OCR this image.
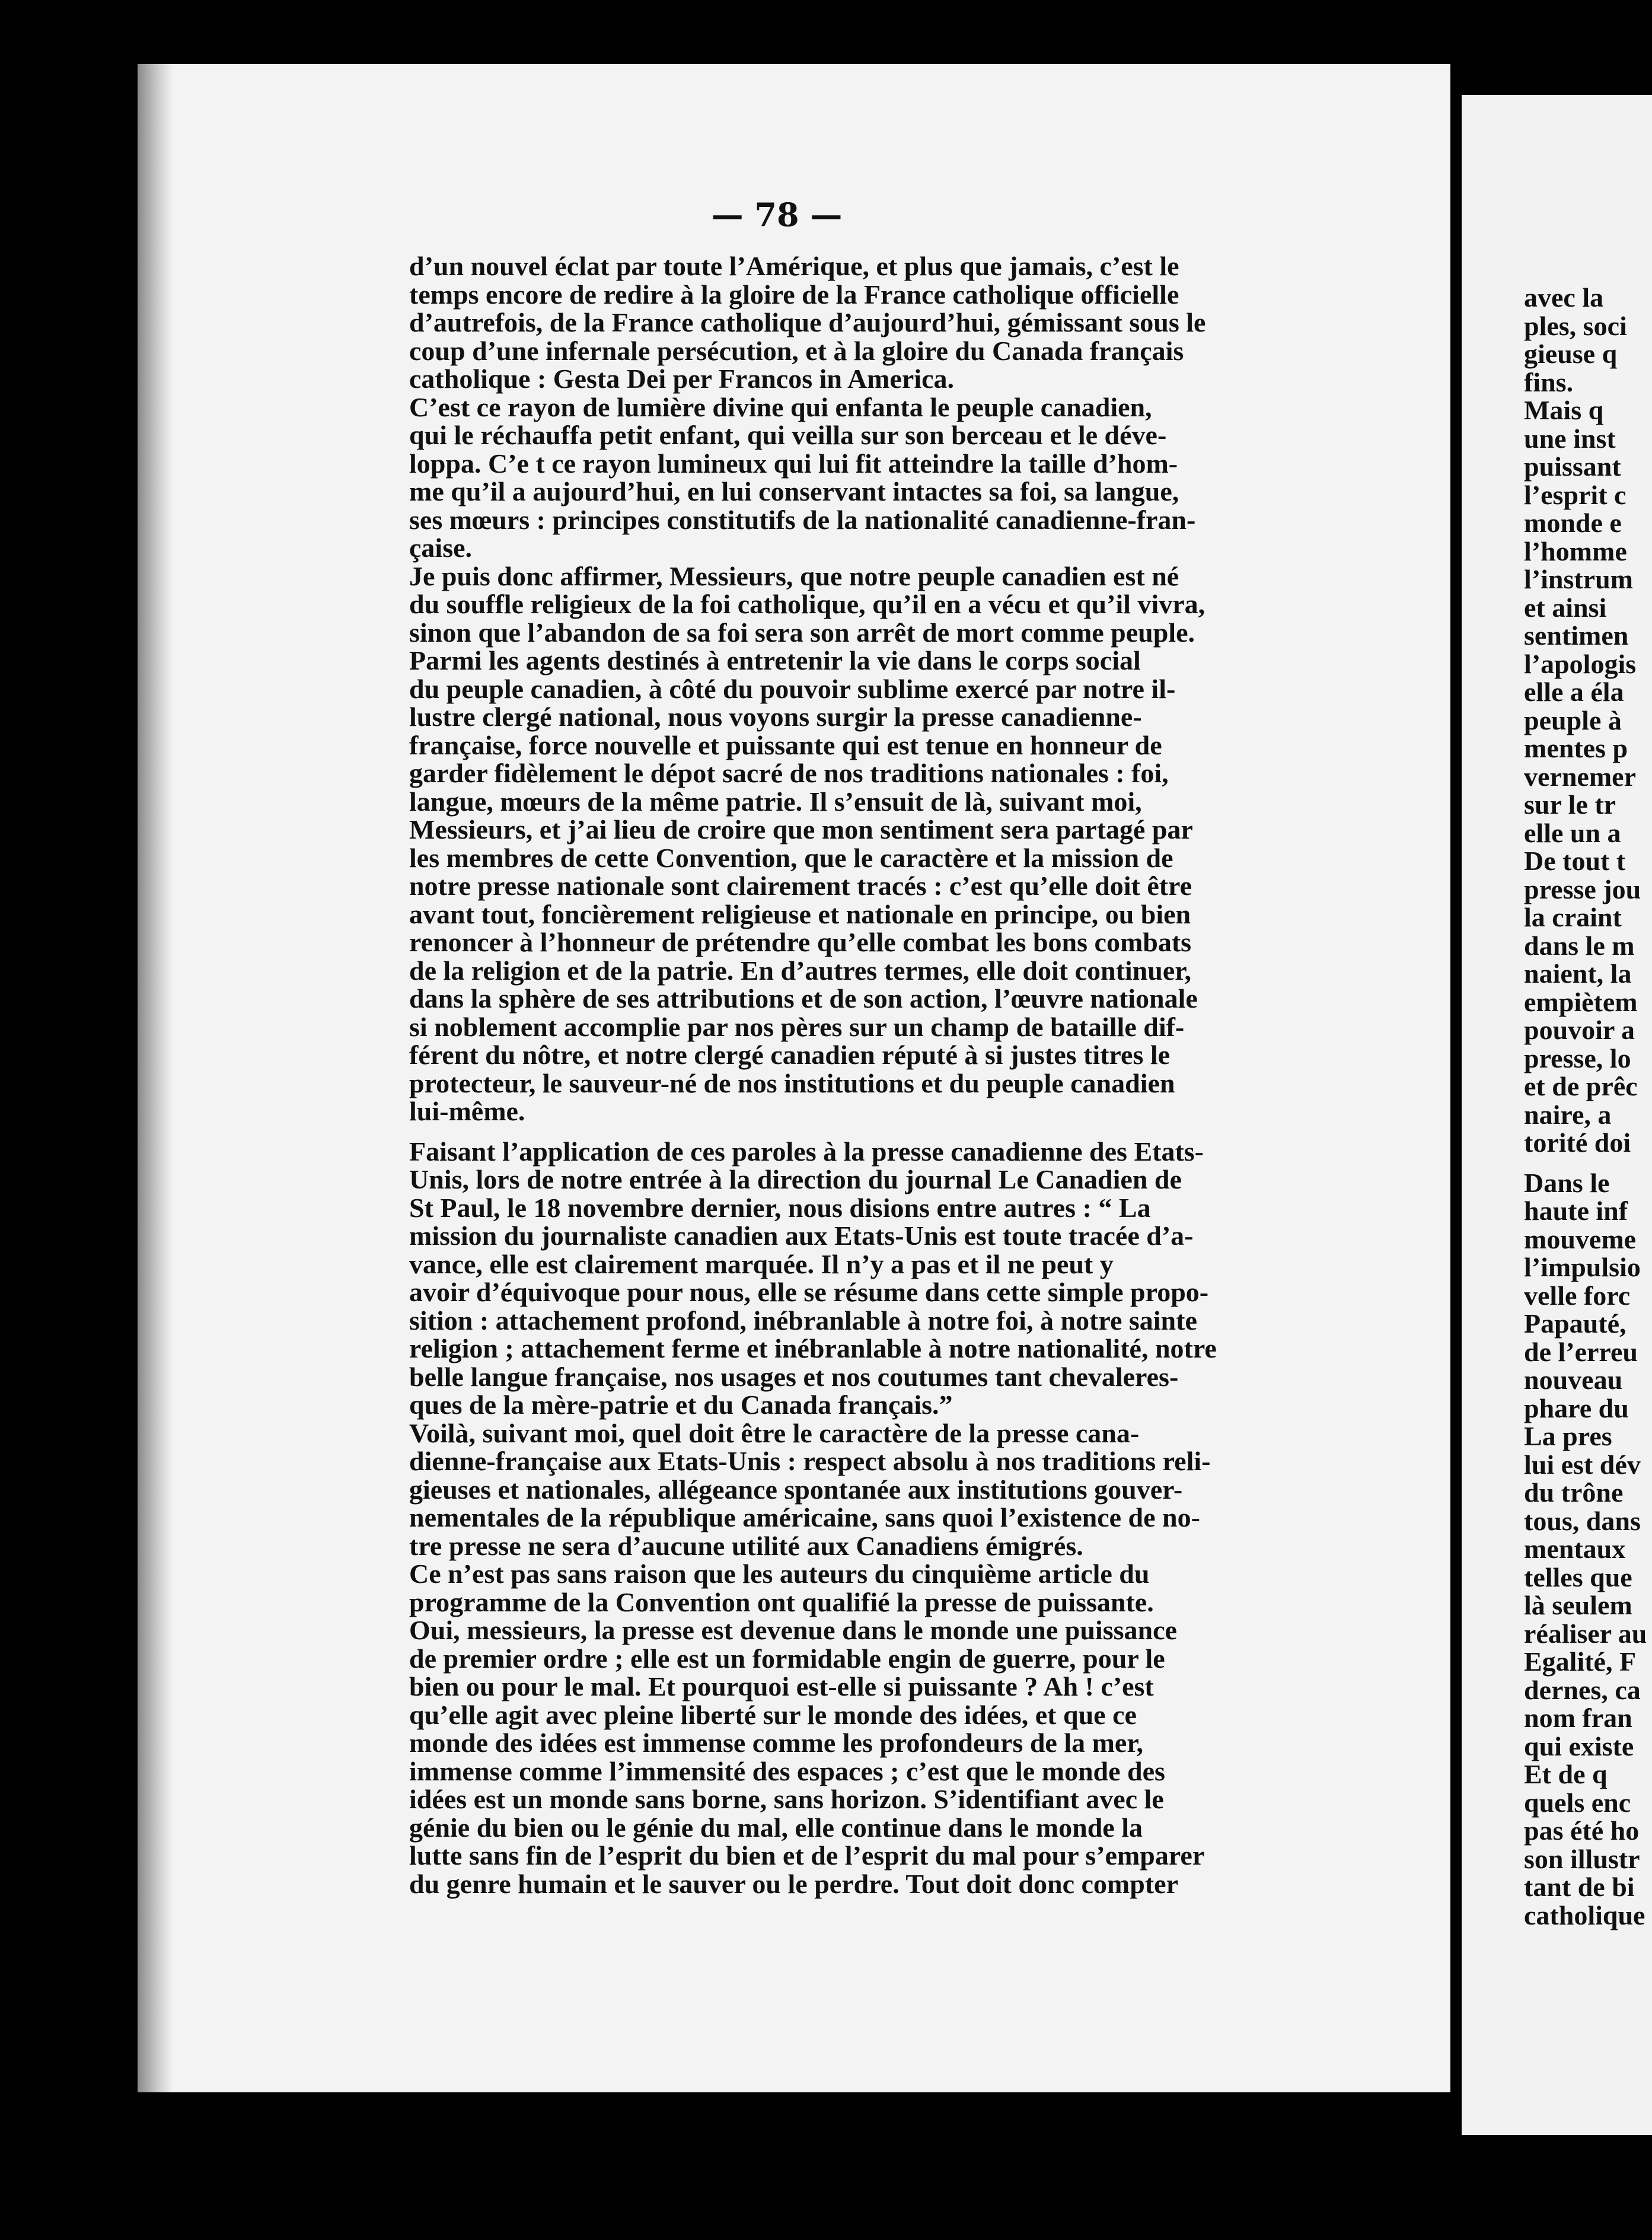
— 78 —
d’un nouvel éclat par toute l’Amérique, et plus que jamais, c’est le
temps encore de redire à la gloire de la France catholique officielle
d’autrefois, de la France catholique d’aujourd’hui, gémissant sous le
coup d’une infernale persécution, et à la gloire du Canada français
catholique : Gesta Dei per Francos in America.
C’est ce rayon de lumière divine qui enfanta le peuple canadien,
qui le réchauffa petit enfant, qui veilla sur son berceau et le déve-
loppa. C’e t ce rayon lumineux qui lui fit atteindre la taille d’hom-
me qu’il a aujourd’hui, en lui conservant intactes sa foi, sa langue,
ses mœurs : principes constitutifs de la nationalité canadienne-fran-
çaise.
Je puis donc affirmer, Messieurs, que notre peuple canadien est né
du souffle religieux de la foi catholique, qu’il en a vécu et qu’il vivra,
sinon que l’abandon de sa foi sera son arrêt de mort comme peuple.
Parmi les agents destinés à entretenir la vie dans le corps social
du peuple canadien, à côté du pouvoir sublime exercé par notre il-
lustre clergé national, nous voyons surgir la presse canadienne-
française, force nouvelle et puissante qui est tenue en honneur de
garder fidèlement le dépot sacré de nos traditions nationales : foi,
langue, mœurs de la même patrie. Il s’ensuit de là, suivant moi,
Messieurs, et j’ai lieu de croire que mon sentiment sera partagé par
les membres de cette Convention, que le caractère et la mission de
notre presse nationale sont clairement tracés : c’est qu’elle doit être
avant tout, foncièrement religieuse et nationale en principe, ou bien
renoncer à l’honneur de prétendre qu’elle combat les bons combats
de la religion et de la patrie. En d’autres termes, elle doit continuer,
dans la sphère de ses attributions et de son action, l’œuvre nationale
si noblement accomplie par nos pères sur un champ de bataille dif-
férent du nôtre, et notre clergé canadien réputé à si justes titres le
protecteur, le sauveur-né de nos institutions et du peuple canadien
lui-même.
Faisant l’application de ces paroles à la presse canadienne des Etats-
Unis, lors de notre entrée à la direction du journal Le Canadien de
St Paul, le 18 novembre dernier, nous disions entre autres : “ La
mission du journaliste canadien aux Etats-Unis est toute tracée d’a-
vance, elle est clairement marquée. Il n’y a pas et il ne peut y
avoir d’équivoque pour nous, elle se résume dans cette simple propo-
sition : attachement profond, inébranlable à notre foi, à notre sainte
religion ; attachement ferme et inébranlable à notre nationalité, notre
belle langue française, nos usages et nos coutumes tant chevaleres-
ques de la mère-patrie et du Canada français.”
Voilà, suivant moi, quel doit être le caractère de la presse cana-
dienne-française aux Etats-Unis : respect absolu à nos traditions reli-
gieuses et nationales, allégeance spontanée aux institutions gouver-
nementales de la république américaine, sans quoi l’existence de no-
tre presse ne sera d’aucune utilité aux Canadiens émigrés.
Ce n’est pas sans raison que les auteurs du cinquième article du
programme de la Convention ont qualifié la presse de puissante.
Oui, messieurs, la presse est devenue dans le monde une puissance
de premier ordre ; elle est un formidable engin de guerre, pour le
bien ou pour le mal. Et pourquoi est-elle si puissante ? Ah ! c’est
qu’elle agit avec pleine liberté sur le monde des idées, et que ce
monde des idées est immense comme les profondeurs de la mer,
immense comme l’immensité des espaces ; c’est que le monde des
idées est un monde sans borne, sans horizon. S’identifiant avec le
génie du bien ou le génie du mal, elle continue dans le monde la
lutte sans fin de l’esprit du bien et de l’esprit du mal pour s’emparer
du genre humain et le sauver ou le perdre. Tout doit donc compter
avec la
ples, soci
gieuse q
fins.
Mais q
une inst
puissant
l’esprit c
monde e
l’homme
l’instrum
et ainsi
sentimen
l’apologis
elle a éla
peuple à
mentes p
vernemer
sur le tr
elle un a
De tout t
presse jou
la craint
dans le m
naient, la
empiètem
pouvoir a
presse, lo
et de prêc
naire, a
torité doi
Dans le
haute inf
mouveme
l’impulsio
velle forc
Papauté,
de l’erreu
nouveau
phare du
La pres
lui est dév
du trône
tous, dans
mentaux
telles que
là seulem
réaliser au
Egalité, F
dernes, ca
nom fran
qui existe
Et de q
quels enc
pas été ho
son illustr
tant de bi
catholique
